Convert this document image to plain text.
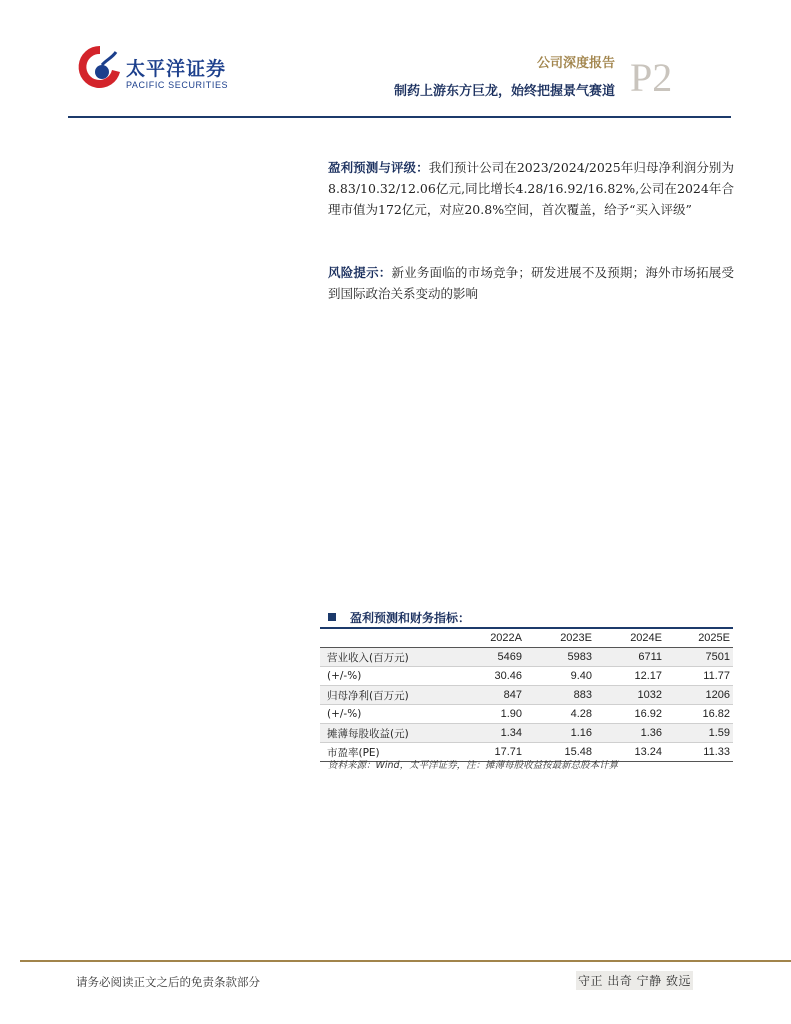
太平洋证券
PACIFIC SECURITIES
公司深度报告
制药上游东方巨龙，始终把握景气赛道 P2
盈利预测与评级：我们预计公司在2023/2024/2025年归母净利润分别为8.83/10.32/12.06亿元,同比增长4.28/16.92/16.82%,公司在2024年合理市值为172亿元，对应20.8%空间，首次覆盖，给予“买入评级”
风险提示：新业务面临的市场竞争；研发进展不及预期；海外市场拓展受到国际政治关系变动的影响
盈利预测和财务指标：
2022A	2023E	2024E	2025E
营业收入(百万元)	5469	5983	6711	7501
(+/-%)	30.46	9.40	12.17	11.77
归母净利(百万元)	847	883	1032	1206
(+/-%)	1.90	4.28	16.92	16.82
摊薄每股收益(元)	1.34	1.16	1.36	1.59
市盈率(PE)	17.71	15.48	13.24	11.33
资料来源：Wind，太平洋证券，注：摊薄每股收益按最新总股本计算
请务必阅读正文之后的免责条款部分	守正 出奇 宁静 致远
